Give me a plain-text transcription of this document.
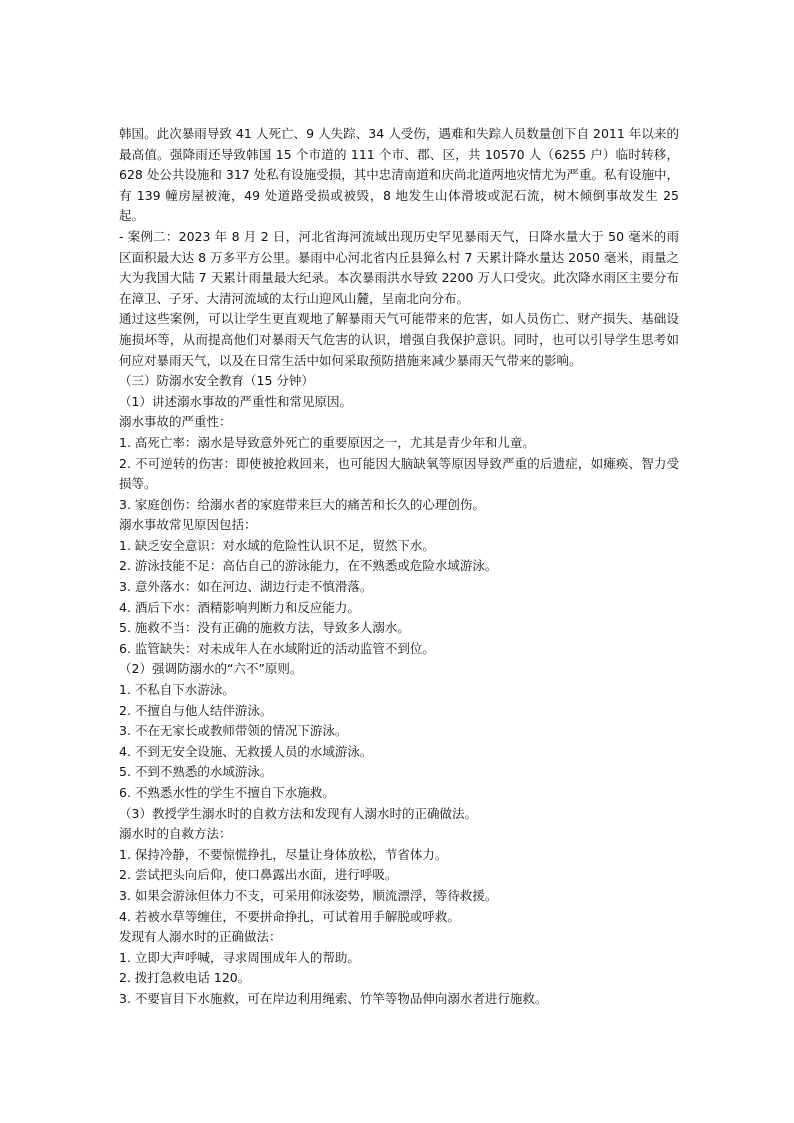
韩国。此次暴雨导致 41 人死亡、9 人失踪、34 人受伤，遇难和失踪人员数量创下自 2011 年以来的最高值。强降雨还导致韩国 15 个市道的 111 个市、郡、区，共 10570 人（6255 户）临时转移，628 处公共设施和 317 处私有设施受损，其中忠清南道和庆尚北道两地灾情尤为严重。私有设施中，有 139 幢房屋被淹，49 处道路受损或被毁，8 地发生山体滑坡或泥石流，树木倾倒事故发生 25 起。

- 案例二：2023 年 8 月 2 日，河北省海河流域出现历史罕见暴雨天气，日降水量大于 50 毫米的雨区面积最大达 8 万多平方公里。暴雨中心河北省内丘县獐么村 7 天累计降水量达 2050 毫米，雨量之大为我国大陆 7 天累计雨量最大纪录。本次暴雨洪水导致 2200 万人口受灾。此次降水雨区主要分布在漳卫、子牙、大清河流域的太行山迎风山麓，呈南北向分布。

通过这些案例，可以让学生更直观地了解暴雨天气可能带来的危害，如人员伤亡、财产损失、基础设施损坏等，从而提高他们对暴雨天气危害的认识，增强自我保护意识。同时，也可以引导学生思考如何应对暴雨天气，以及在日常生活中如何采取预防措施来减少暴雨天气带来的影响。

（三）防溺水安全教育（15 分钟）

（1）讲述溺水事故的严重性和常见原因。

溺水事故的严重性：

1. 高死亡率：溺水是导致意外死亡的重要原因之一，尤其是青少年和儿童。

2. 不可逆转的伤害：即使被抢救回来，也可能因大脑缺氧等原因导致严重的后遗症，如瘫痪、智力受损等。

3. 家庭创伤：给溺水者的家庭带来巨大的痛苦和长久的心理创伤。

溺水事故常见原因包括：

1. 缺乏安全意识：对水域的危险性认识不足，贸然下水。

2. 游泳技能不足：高估自己的游泳能力，在不熟悉或危险水域游泳。

3. 意外落水：如在河边、湖边行走不慎滑落。

4. 酒后下水：酒精影响判断力和反应能力。

5. 施救不当：没有正确的施救方法，导致多人溺水。

6. 监管缺失：对未成年人在水域附近的活动监管不到位。

（2）强调防溺水的“六不”原则。

1. 不私自下水游泳。

2. 不擅自与他人结伴游泳。

3. 不在无家长或教师带领的情况下游泳。

4. 不到无安全设施、无救援人员的水域游泳。

5. 不到不熟悉的水域游泳。

6. 不熟悉水性的学生不擅自下水施救。

（3）教授学生溺水时的自救方法和发现有人溺水时的正确做法。

溺水时的自救方法：

1. 保持冷静，不要惊慌挣扎，尽量让身体放松，节省体力。

2. 尝试把头向后仰，使口鼻露出水面，进行呼吸。

3. 如果会游泳但体力不支，可采用仰泳姿势，顺流漂浮，等待救援。

4. 若被水草等缠住，不要拼命挣扎，可试着用手解脱或呼救。

发现有人溺水时的正确做法：

1. 立即大声呼喊，寻求周围成年人的帮助。

2. 拨打急救电话 120。

3. 不要盲目下水施救，可在岸边利用绳索、竹竿等物品伸向溺水者进行施救。
